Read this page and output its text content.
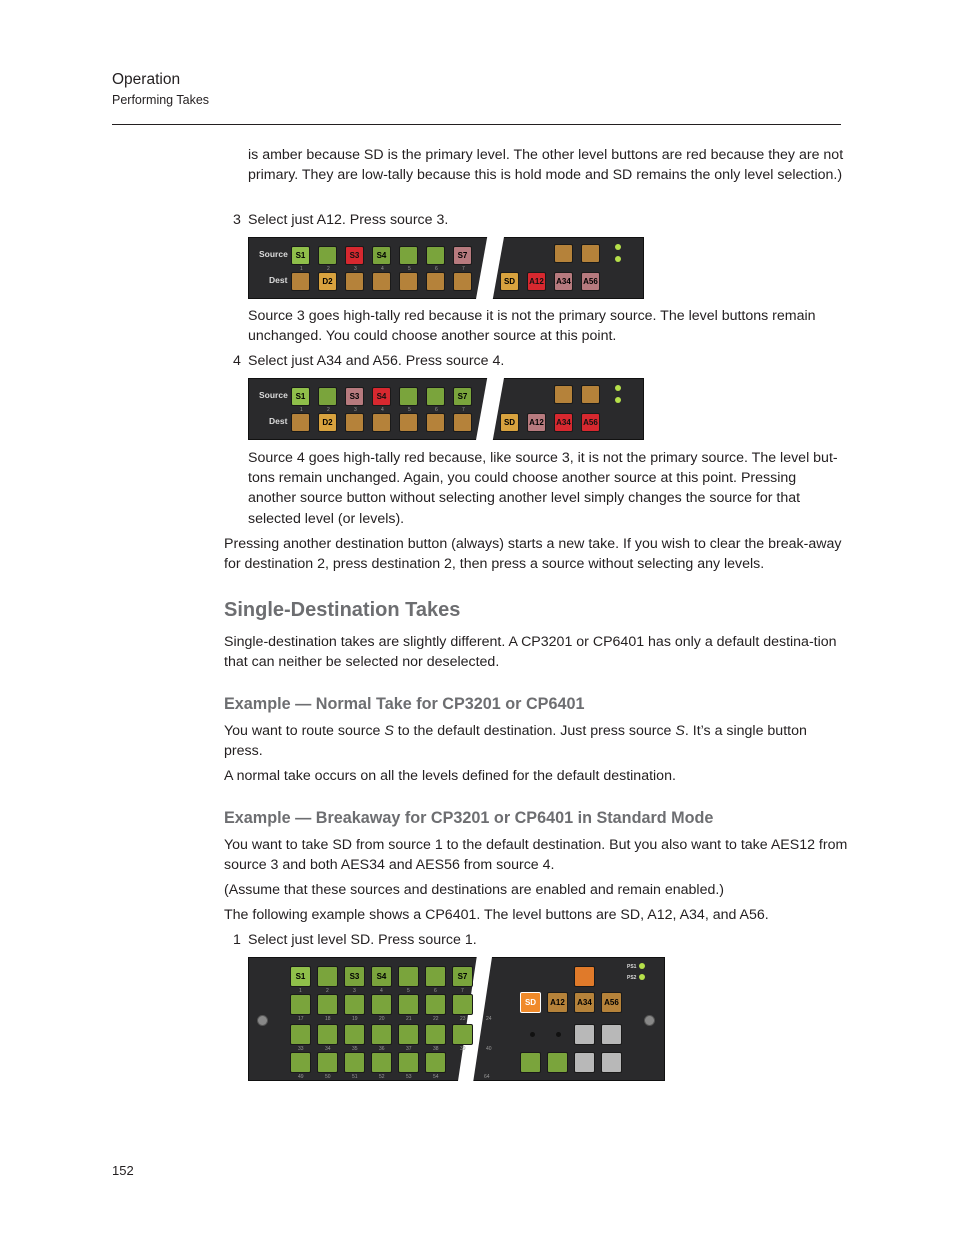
Operation
Performing Takes

is amber because SD is the primary level. The other level buttons are red because they are not primary. They are low-tally because this is hold mode and SD remains the only level selection.)

3 Select just A12. Press source 3.
Source
Dest
S1	S3	S4	S7
1	2	3	4	5	6	7
D2	SD	A12 A34 A56

Source 3 goes high-tally red because it is not the primary source. The level buttons remain unchanged. You could choose another source at this point.

4 Select just A34 and A56. Press source 4.
Source
Dest
S1	S3	S4	S7
1	2	3	4	5	6	7
D2	SD	A12 A34 A56

Source 4 goes high-tally red because, like source 3, it is not the primary source. The level but-tons remain unchanged. Again, you could choose another source at this point. Pressing another source button without selecting another level simply changes the source for that selected level (or levels).

Pressing another destination button (always) starts a new take. If you wish to clear the break-away for destination 2, press destination 2, then press a source without selecting any levels.

Single-Destination Takes

Single-destination takes are slightly different. A CP3201 or CP6401 has only a default destina-tion that can neither be selected nor deselected.

Example — Normal Take for CP3201 or CP6401

You want to route source S to the default destination. Just press source S. It’s a single button press.

A normal take occurs on all the levels defined for the default destination.

Example — Breakaway for CP3201 or CP6401 in Standard Mode

You want to take SD from source 1 to the default destination. But you also want to take AES12 from source 3 and both AES34 and AES56 from source 4.

(Assume that these sources and destinations are enabled and remain enabled.)

The following example shows a CP6401. The level buttons are SD, A12, A34, and A56.

1 Select just level SD. Press source 1.
S1	S3	S4	S7
1	2	3	4	5	6	7
17	18	19	20	21	22	23	24
33	34	35	36	37	38	39	40
49	50	51	52	53	54	64
PS1
PS2
SD	A12	A34	A56
152
